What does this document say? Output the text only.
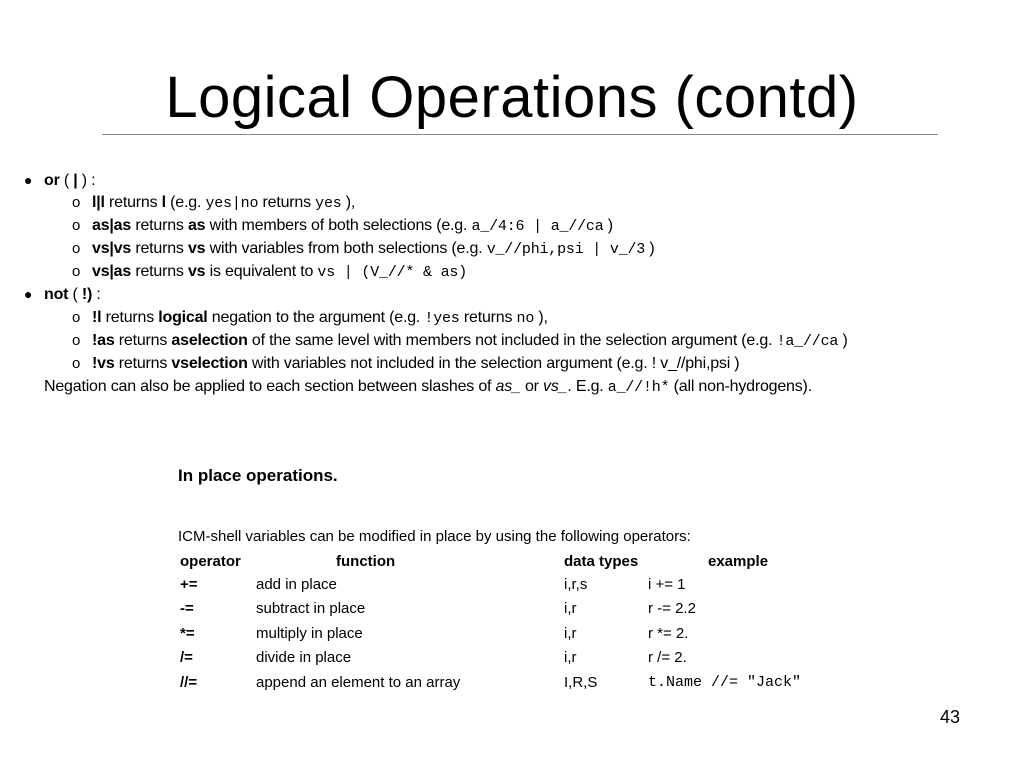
Logical Operations (contd)
● or ( | ) :
o l|l returns l (e.g. yes|no returns yes ),
o as|as returns as with members of both selections (e.g. a_/4:6 | a_//ca )
o vs|vs returns vs with variables from both selections (e.g. v_//phi,psi | v_/3 )
o vs|as returns vs is equivalent to vs | (V_//* & as)
● not ( !) :
o !l returns logical negation to the argument (e.g. !yes returns no ),
o !as returns aselection of the same level with members not included in the selection argument (e.g. !a_//ca )
o !vs returns vselection with variables not included in the selection argument (e.g. ! v_//phi,psi )
Negation can also be applied to each section between slashes of as_ or vs_. E.g. a_//!h* (all non-hydrogens).
In place operations.
ICM-shell variables can be modified in place by using the following operators:
operator	function	data types	example
+=	add in place	i,r,s	i += 1
-=	subtract in place	i,r	r -= 2.2
*=	multiply in place	i,r	r *= 2.
/=	divide in place	i,r	r /= 2.
//=	append an element to an array	I,R,S	t.Name //= "Jack"
43
